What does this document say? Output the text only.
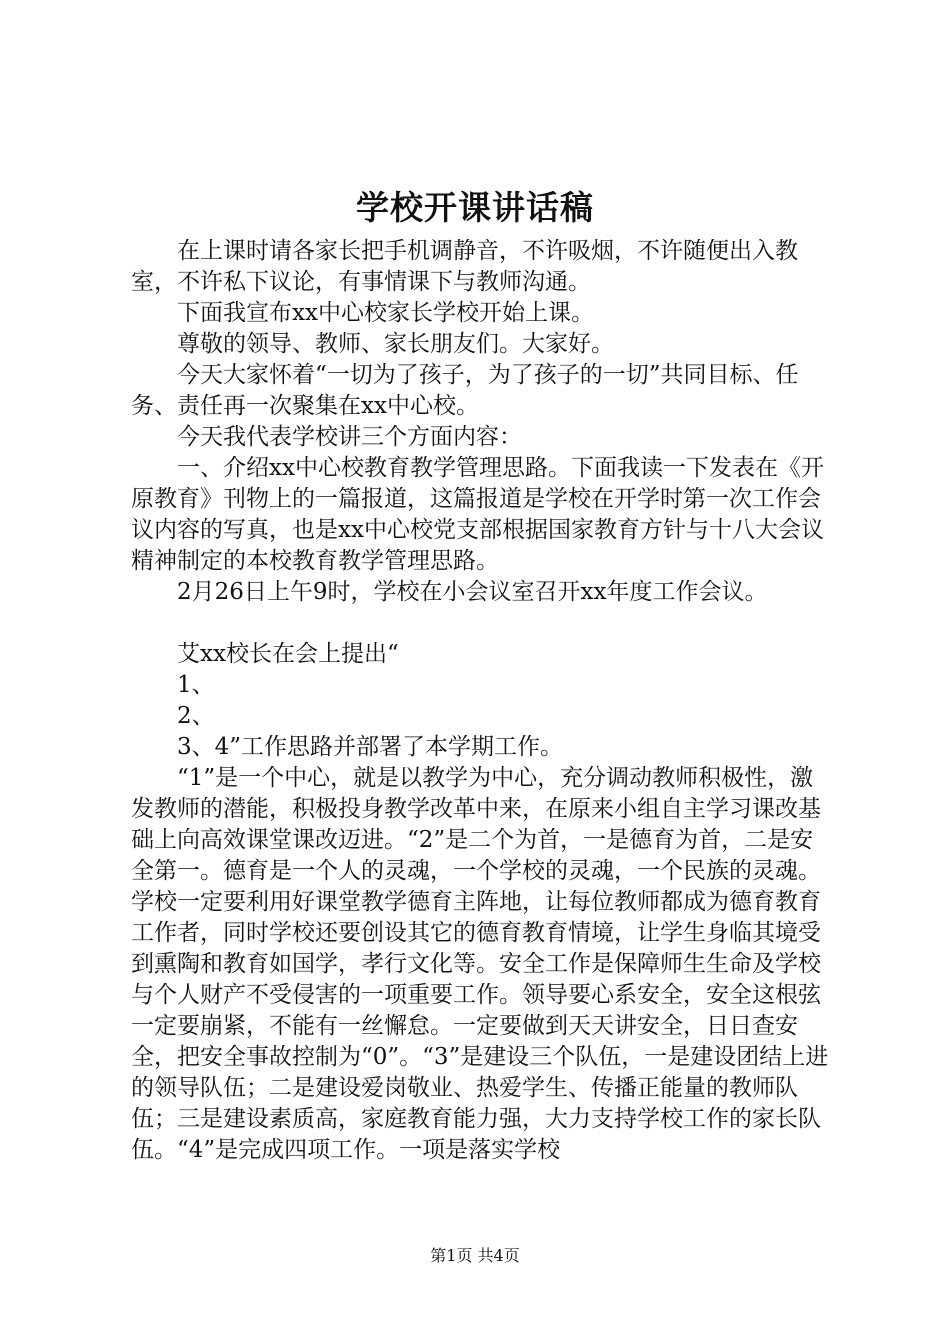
学校开课讲话稿

在上课时请各家长把手机调静音，不许吸烟，不许随便出入教室，不许私下议论，有事情课下与教师沟通。

下面我宣布xx中心校家长学校开始上课。

尊敬的领导、教师、家长朋友们。大家好。

今天大家怀着“一切为了孩子，为了孩子的一切”共同目标、任务、责任再一次聚集在xx中心校。

今天我代表学校讲三个方面内容：

一、介绍xx中心校教育教学管理思路。下面我读一下发表在《开原教育》刊物上的一篇报道，这篇报道是学校在开学时第一次工作会议内容的写真，也是xx中心校党支部根据国家教育方针与十八大会议精神制定的本校教育教学管理思路。

2月26日上午9时，学校在小会议室召开xx年度工作会议。

艾xx校长在会上提出“

1、

2、

3、4”工作思路并部署了本学期工作。

“1”是一个中心，就是以教学为中心，充分调动教师积极性，激发教师的潜能，积极投身教学改革中来，在原来小组自主学习课改基础上向高效课堂课改迈进。“2”是二个为首，一是德育为首，二是安全第一。德育是一个人的灵魂，一个学校的灵魂，一个民族的灵魂。学校一定要利用好课堂教学德育主阵地，让每位教师都成为德育教育工作者，同时学校还要创设其它的德育教育情境，让学生身临其境受到熏陶和教育如国学，孝行文化等。安全工作是保障师生生命及学校与个人财产不受侵害的一项重要工作。领导要心系安全，安全这根弦一定要崩紧，不能有一丝懈怠。一定要做到天天讲安全，日日查安全，把安全事故控制为“0”。“3”是建设三个队伍，一是建设团结上进的领导队伍；二是建设爱岗敬业、热爱学生、传播正能量的教师队伍；三是建设素质高，家庭教育能力强，大力支持学校工作的家长队伍。“4”是完成四项工作。一项是落实学校

第1页 共4页
